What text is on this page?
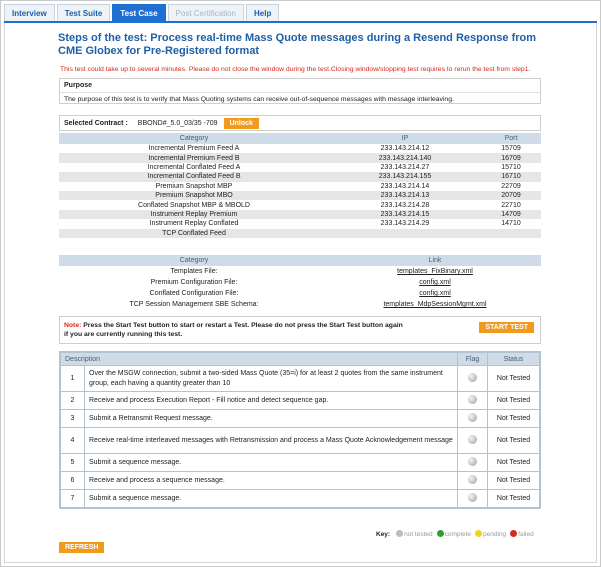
Interview	Test Suite	Test Case	Post Certification	Help
Steps of the test: Process real-time Mass Quote messages during a Resend Response from CME Globex for Pre-Registered format
This test could take up to several minutes. Please do not close the window during the test.Closing window/stopping test requires to rerun the test from step1.
Purpose
The purpose of this test is to verify that Mass Quoting systems can receive out-of-sequence messages with message interleaving.
Selected Contract : BBOND#_5.0_03/35 -709	Unlock
Category	IP	Port
Incremental Premium Feed A	233.143.214.12	15709
Incremental Premium Feed B	233.143.214.140	16709
Incremental Conflated Feed A	233.143.214.27	15710
Incremental Conflated Feed B	233.143.214.155	16710
Premium Snapshot MBP	233.143.214.14	22709
Premium Snapshot MBO	233.143.214.13	20709
Conflated Snapshot MBP & MBOLD	233.143.214.28	22710
Instrument Replay Premium	233.143.214.15	14709
Instrument Replay Conflated	233.143.214.29	14710
TCP Conflated Feed		
Category	Link
Templates File:	templates_FixBinary.xml
Premium Configuration File:	config.xml
Conflated Configuration File:	config.xml
TCP Session Management SBE Schema:	templates_MdpSessionMgmt.xml
Note: Press the Start Test button to start or restart a Test. Please do not press the Start Test button again if you are currently running this test.
START TEST
Description		Flag	Status
1	Over the MSGW connection, submit a two-sided Mass Quote (35=i) for at least 2 quotes from the same instrument group, each having a quantity greater than 10		Not Tested
2	Receive and process Execution Report - Fill notice and detect sequence gap.		Not Tested
3	Submit a Retransmit Request message.		Not Tested
4	Receive real-time interleaved messages with Retransmission and process a Mass Quote Acknowledgement message		Not Tested
5	Submit a sequence message.		Not Tested
6	Receive and process a sequence message.		Not Tested
7	Submit a sequence message.		Not Tested
Key:	not tested	complete	pending	failed
REFRESH
